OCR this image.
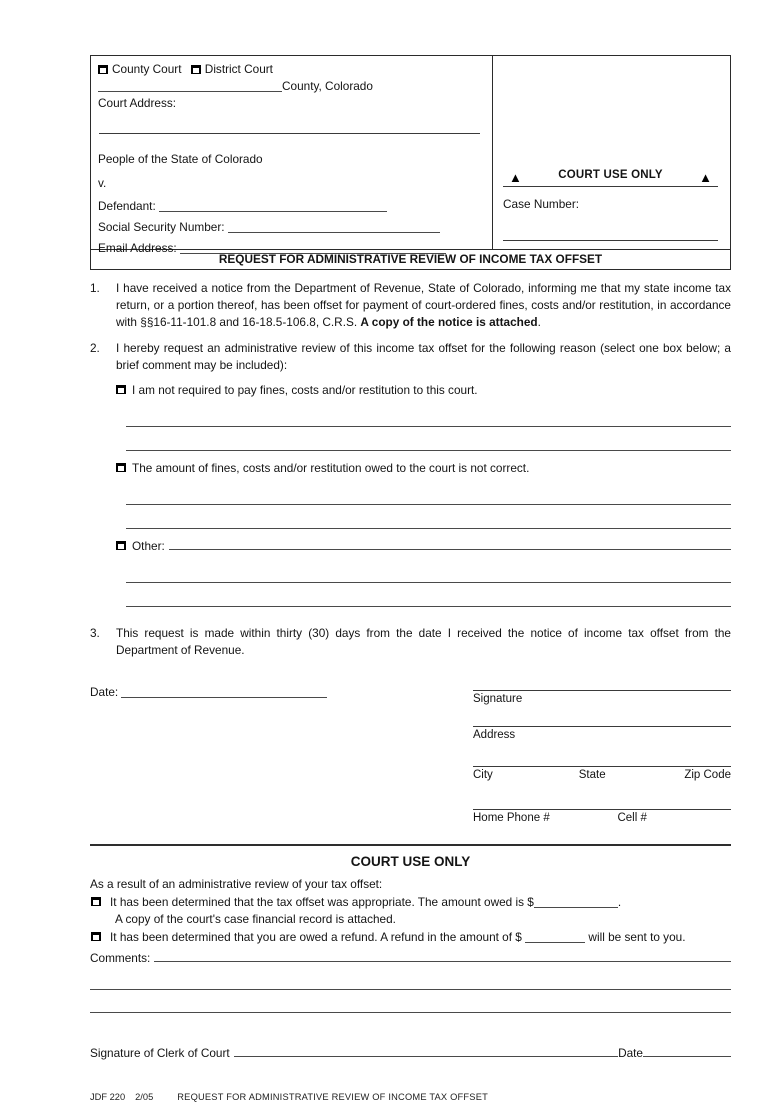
County Court District Court
County, Colorado
Court Address:
People of the State of Colorado
v.
Defendant:
Social Security Number:
Email Address:
▲	COURT USE ONLY	▲
Case Number:
REQUEST FOR ADMINISTRATIVE REVIEW OF INCOME TAX OFFSET
1.	I have received a notice from the Department of Revenue, State of Colorado, informing me that my state income tax return, or a portion thereof, has been offset for payment of court-ordered fines, costs and/or restitution, in accordance with §§16-11-101.8 and 16-18.5-106.8, C.R.S. A copy of the notice is attached.
2.	I hereby request an administrative review of this income tax offset for the following reason (select one box below; a brief comment may be included):
I am not required to pay fines, costs and/or restitution to this court.
The amount of fines, costs and/or restitution owed to the court is not correct.
Other:
3.	This request is made within thirty (30) days from the date I received the notice of income tax offset from the Department of Revenue.
Date:	Signature
Address
City	State	Zip Code
Home Phone #	Cell #
COURT USE ONLY
As a result of an administrative review of your tax offset:
It has been determined that the tax offset was appropriate. The amount owed is $	.
A copy of the court's case financial record is attached.
It has been determined that you are owed a refund. A refund in the amount of $	will be sent to you.
Comments:
Signature of Clerk of Court	Date
JDF 220 2/05	REQUEST FOR ADMINISTRATIVE REVIEW OF INCOME TAX OFFSET
